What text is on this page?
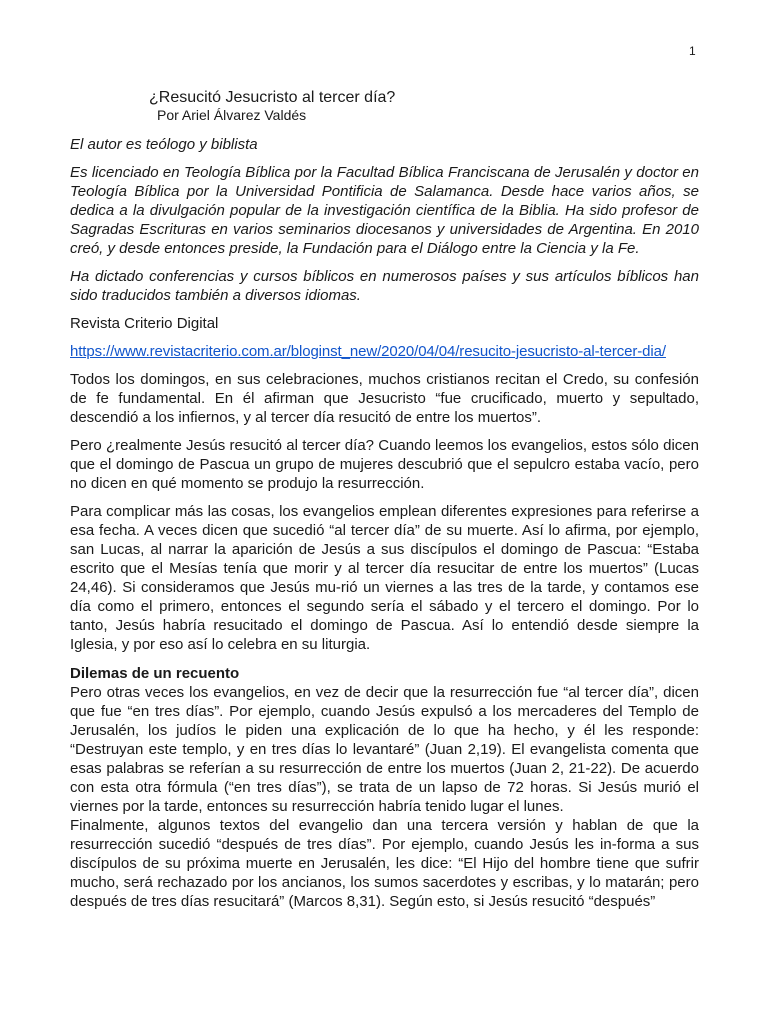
1
¿Resucitó Jesucristo al tercer día?
Por Ariel Álvarez Valdés

El autor es teólogo y biblista

Es licenciado en Teología Bíblica por la Facultad Bíblica Franciscana de Jerusalén y doctor en Teología Bíblica por la Universidad Pontificia de Salamanca. Desde hace varios años, se dedica a la divulgación popular de la investigación científica de la Biblia. Ha sido profesor de Sagradas Escrituras en varios seminarios diocesanos y universidades de Argentina. En 2010 creó, y desde entonces preside, la Fundación para el Diálogo entre la Ciencia y la Fe.

Ha dictado conferencias y cursos bíblicos en numerosos países y sus artículos bíblicos han sido traducidos también a diversos idiomas.

Revista Criterio Digital

https://www.revistacriterio.com.ar/bloginst_new/2020/04/04/resucito-jesucristo-al-tercer-dia/

Todos los domingos, en sus celebraciones, muchos cristianos recitan el Credo, su confesión de fe fundamental. En él afirman que Jesucristo “fue crucificado, muerto y sepultado, descendió a los infiernos, y al tercer día resucitó de entre los muertos”.

Pero ¿realmente Jesús resucitó al tercer día? Cuando leemos los evangelios, estos sólo dicen que el domingo de Pascua un grupo de mujeres descubrió que el sepulcro estaba vacío, pero no dicen en qué momento se produjo la resurrección.

Para complicar más las cosas, los evangelios emplean diferentes expresiones para referirse a esa fecha. A veces dicen que sucedió “al tercer día” de su muerte. Así lo afirma, por ejemplo, san Lucas, al narrar la aparición de Jesús a sus discípulos el domingo de Pascua: “Estaba escrito que el Mesías tenía que morir y al tercer día resucitar de entre los muertos” (Lucas 24,46). Si consideramos que Jesús mu-rió un viernes a las tres de la tarde, y contamos ese día como el primero, entonces el segundo sería el sábado y el tercero el domingo. Por lo tanto, Jesús habría resucitado el domingo de Pascua. Así lo entendió desde siempre la Iglesia, y por eso así lo celebra en su liturgia.

Dilemas de un recuento

Pero otras veces los evangelios, en vez de decir que la resurrección fue “al tercer día”, dicen que fue “en tres días”. Por ejemplo, cuando Jesús expulsó a los mercaderes del Templo de Jerusalén, los judíos le piden una explicación de lo que ha hecho, y él les responde: “Destruyan este templo, y en tres días lo levantaré” (Juan 2,19). El evangelista comenta que esas palabras se referían a su resurrección de entre los muertos (Juan 2, 21-22). De acuerdo con esta otra fórmula (“en tres días”), se trata de un lapso de 72 horas. Si Jesús murió el viernes por la tarde, entonces su resurrección habría tenido lugar el lunes.

Finalmente, algunos textos del evangelio dan una tercera versión y hablan de que la resurrección sucedió “después de tres días”. Por ejemplo, cuando Jesús les in-forma a sus discípulos de su próxima muerte en Jerusalén, les dice: “El Hijo del hombre tiene que sufrir mucho, será rechazado por los ancianos, los sumos sacerdotes y escribas, y lo matarán; pero después de tres días resucitará” (Marcos 8,31). Según esto, si Jesús resucitó “después”
